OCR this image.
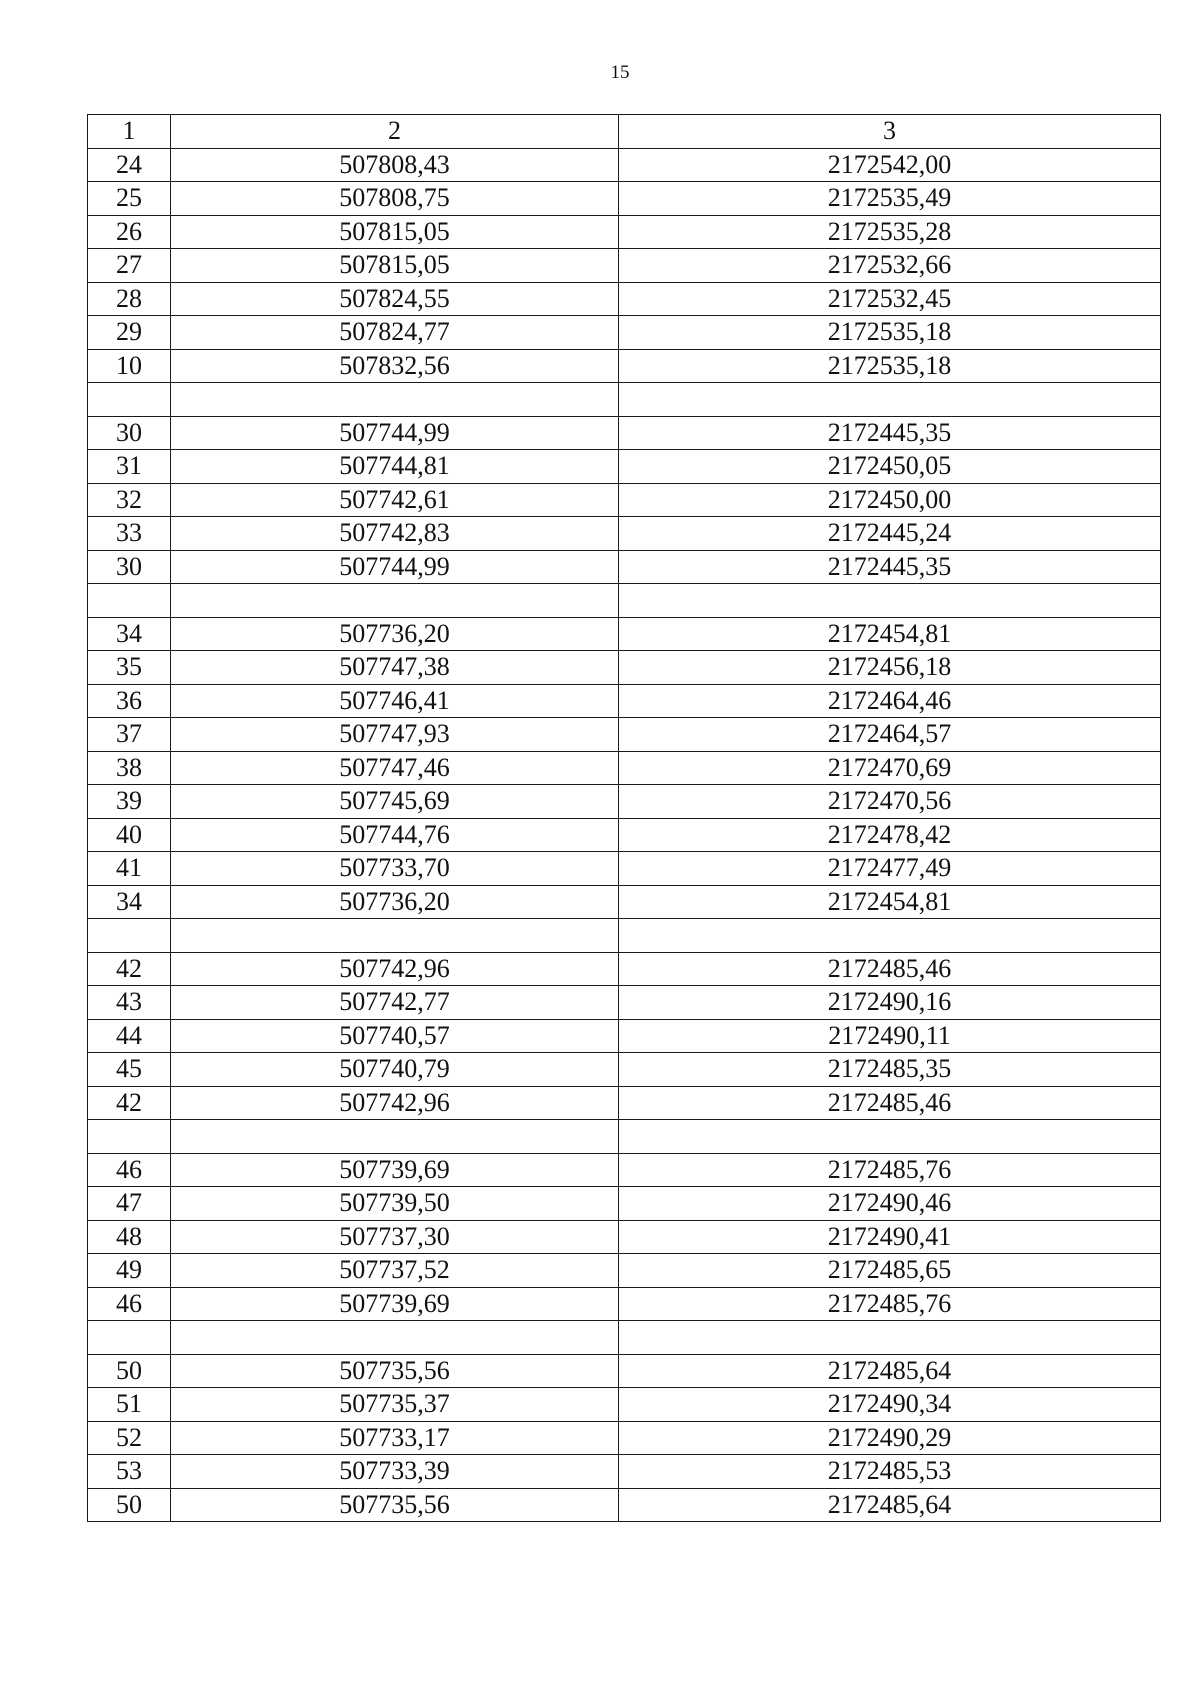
15
1	2	3
24	507808,43	2172542,00
25	507808,75	2172535,49
26	507815,05	2172535,28
27	507815,05	2172532,66
28	507824,55	2172532,45
29	507824,77	2172535,18
10	507832,56	2172535,18

30	507744,99	2172445,35
31	507744,81	2172450,05
32	507742,61	2172450,00
33	507742,83	2172445,24
30	507744,99	2172445,35

34	507736,20	2172454,81
35	507747,38	2172456,18
36	507746,41	2172464,46
37	507747,93	2172464,57
38	507747,46	2172470,69
39	507745,69	2172470,56
40	507744,76	2172478,42
41	507733,70	2172477,49
34	507736,20	2172454,81

42	507742,96	2172485,46
43	507742,77	2172490,16
44	507740,57	2172490,11
45	507740,79	2172485,35
42	507742,96	2172485,46

46	507739,69	2172485,76
47	507739,50	2172490,46
48	507737,30	2172490,41
49	507737,52	2172485,65
46	507739,69	2172485,76

50	507735,56	2172485,64
51	507735,37	2172490,34
52	507733,17	2172490,29
53	507733,39	2172485,53
50	507735,56	2172485,64
